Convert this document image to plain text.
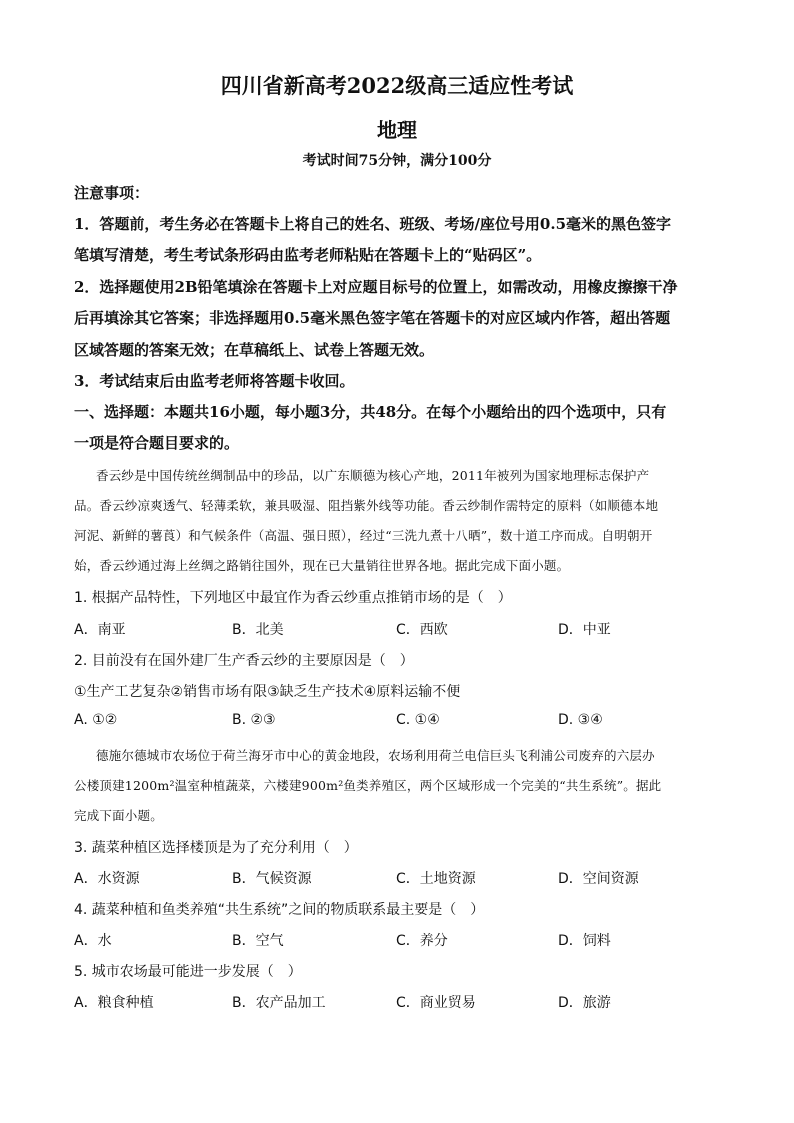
四川省新高考2022级高三适应性考试
地理
考试时间75分钟，满分100分
注意事项：
1．答题前，考生务必在答题卡上将自己的姓名、班级、考场/座位号用0.5毫米的黑色签字
笔填写清楚，考生考试条形码由监考老师粘贴在答题卡上的“贴码区”。
2．选择题使用2B铅笔填涂在答题卡上对应题目标号的位置上，如需改动，用橡皮擦擦干净
后再填涂其它答案；非选择题用0.5毫米黑色签字笔在答题卡的对应区域内作答，超出答题
区域答题的答案无效；在草稿纸上、试卷上答题无效。
3．考试结束后由监考老师将答题卡收回。
一、选择题：本题共16小题，每小题3分，共48分。在每个小题给出的四个选项中，只有
一项是符合题目要求的。
香云纱是中国传统丝绸制品中的珍品，以广东顺德为核心产地，2011年被列为国家地理标志保护产
品。香云纱凉爽透气、轻薄柔软，兼具吸湿、阻挡紫外线等功能。香云纱制作需特定的原料（如顺德本地
河泥、新鲜的薯莨）和气候条件（高温、强日照），经过“三洗九煮十八晒”，数十道工序而成。自明朝开
始，香云纱通过海上丝绸之路销往国外，现在已大量销往世界各地。据此完成下面小题。
1. 根据产品特性，下列地区中最宜作为香云纱重点推销市场的是（　）
A．南亚	B．北美	C．西欧	D．中亚
2. 目前没有在国外建厂生产香云纱的主要原因是（　）
①生产工艺复杂②销售市场有限③缺乏生产技术④原料运输不便
A. ①②	B. ②③	C. ①④	D. ③④
德施尔德城市农场位于荷兰海牙市中心的黄金地段，农场利用荷兰电信巨头飞利浦公司废弃的六层办
公楼顶建1200m²温室种植蔬菜，六楼建900m²鱼类养殖区，两个区域形成一个完美的“共生系统”。据此
完成下面小题。
3. 蔬菜种植区选择楼顶是为了充分利用（　）
A．水资源	B．气候资源	C．土地资源	D．空间资源
4. 蔬菜种植和鱼类养殖“共生系统”之间的物质联系最主要是（　）
A．水	B．空气	C．养分	D．饲料
5. 城市农场最可能进一步发展（　）
A．粮食种植	B．农产品加工	C．商业贸易	D．旅游
